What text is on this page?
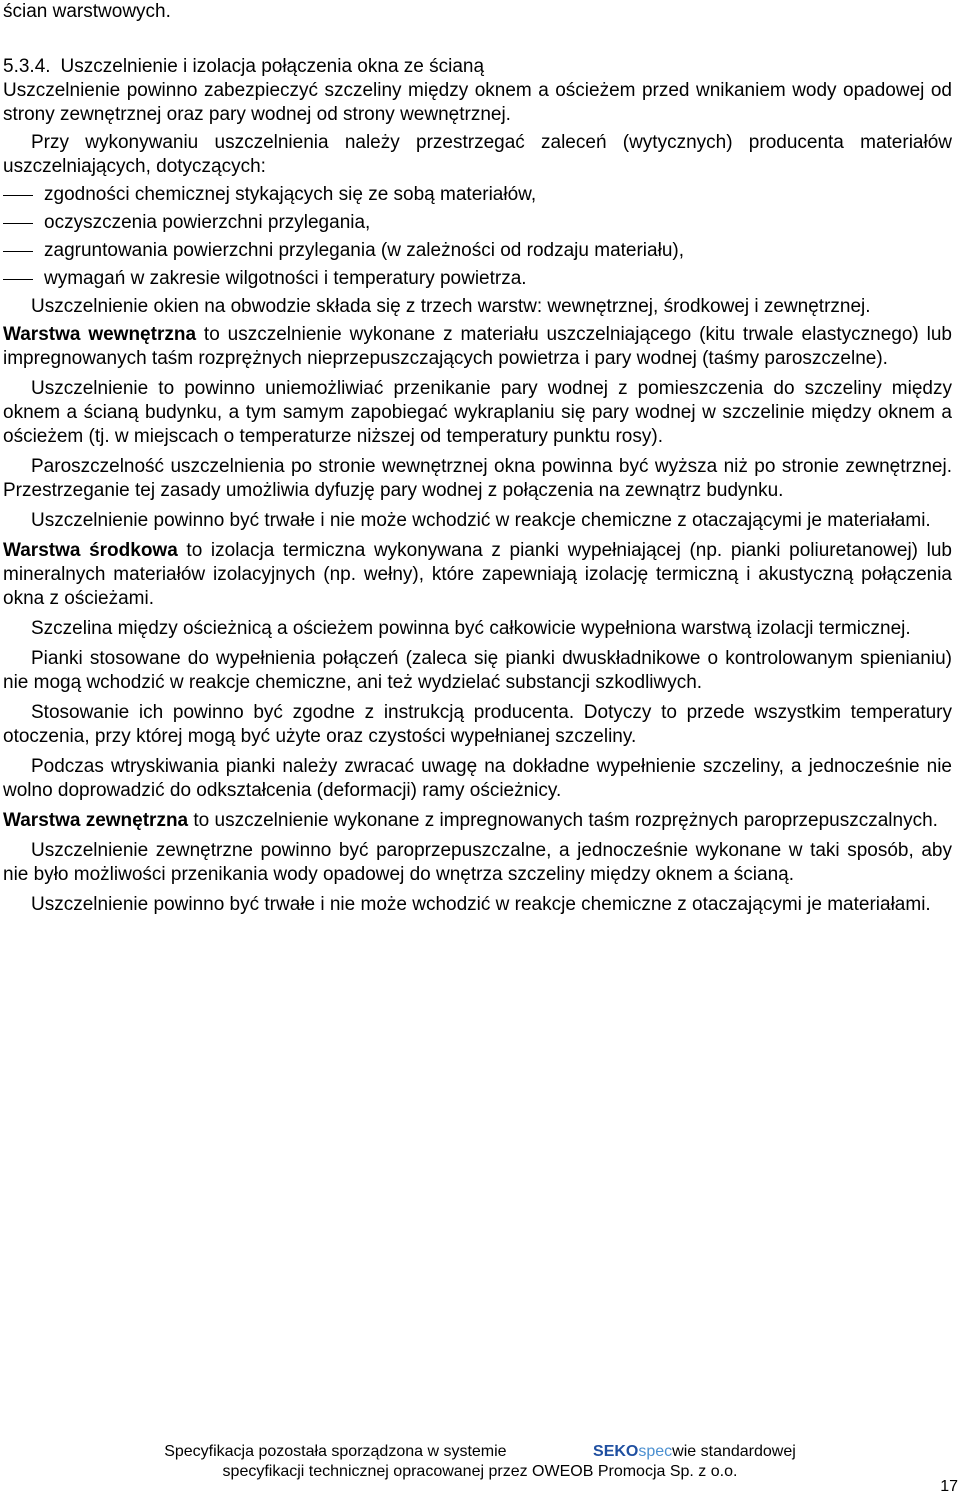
ścian warstwowych.

5.3.4. Uszczelnienie i izolacja połączenia okna ze ścianą

Uszczelnienie powinno zabezpieczyć szczeliny między oknem a ościeżem przed wnikaniem wody opadowej od strony zewnętrznej oraz pary wodnej od strony wewnętrznej.

Przy wykonywaniu uszczelnienia należy przestrzegać zaleceń (wytycznych) producenta materiałów uszczelniających, dotyczących:

zgodności chemicznej stykających się ze sobą materiałów,
oczyszczenia powierzchni przylegania,
zagruntowania powierzchni przylegania (w zależności od rodzaju materiału),
wymagań w zakresie wilgotności i temperatury powietrza.

Uszczelnienie okien na obwodzie składa się z trzech warstw: wewnętrznej, środkowej i zewnętrznej.

Warstwa wewnętrzna to uszczelnienie wykonane z materiału uszczelniającego (kitu trwale elastycznego) lub impregnowanych taśm rozprężnych nieprzepuszczających powietrza i pary wodnej (taśmy paroszczelne).

Uszczelnienie to powinno uniemożliwiać przenikanie pary wodnej z pomieszczenia do szczeliny między oknem a ścianą budynku, a tym samym zapobiegać wykraplaniu się pary wodnej w szczelinie między oknem a ościeżem (tj. w miejscach o temperaturze niższej od temperatury punktu rosy).

Paroszczelność uszczelnienia po stronie wewnętrznej okna powinna być wyższa niż po stronie zewnętrznej. Przestrzeganie tej zasady umożliwia dyfuzję pary wodnej z połączenia na zewnątrz budynku.

Uszczelnienie powinno być trwałe i nie może wchodzić w reakcje chemiczne z otaczającymi je materiałami.

Warstwa środkowa to izolacja termiczna wykonywana z pianki wypełniającej (np. pianki poliuretanowej) lub mineralnych materiałów izolacyjnych (np. wełny), które zapewniają izolację termiczną i akustyczną połączenia okna z ościeżami.

Szczelina między ościeżnicą a ościeżem powinna być całkowicie wypełniona warstwą izolacji termicznej.

Pianki stosowane do wypełnienia połączeń (zaleca się pianki dwuskładnikowe o kontrolowanym spienianiu) nie mogą wchodzić w reakcje chemiczne, ani też wydzielać substancji szkodliwych.

Stosowanie ich powinno być zgodne z instrukcją producenta. Dotyczy to przede wszystkim temperatury otoczenia, przy której mogą być użyte oraz czystości wypełnianej szczeliny.

Podczas wtryskiwania pianki należy zwracać uwagę na dokładne wypełnienie szczeliny, a jednocześnie nie wolno doprowadzić do odkształcenia (deformacji) ramy ościeżnicy.

Warstwa zewnętrzna to uszczelnienie wykonane z impregnowanych taśm rozprężnych paroprzepuszczalnych.

Uszczelnienie zewnętrzne powinno być paroprzepuszczalne, a jednocześnie wykonane w taki sposób, aby nie było możliwości przenikania wody opadowej do wnętrza szczeliny między oknem a ścianą.

Uszczelnienie powinno być trwałe i nie może wchodzić w reakcje chemiczne z otaczającymi je materiałami.

Specyfikacja pozostała sporządzona w systemie	SEKOspecwie standardowej
specyfikacji technicznej opracowanej przez OWEOB Promocja Sp. z o.o.
17
